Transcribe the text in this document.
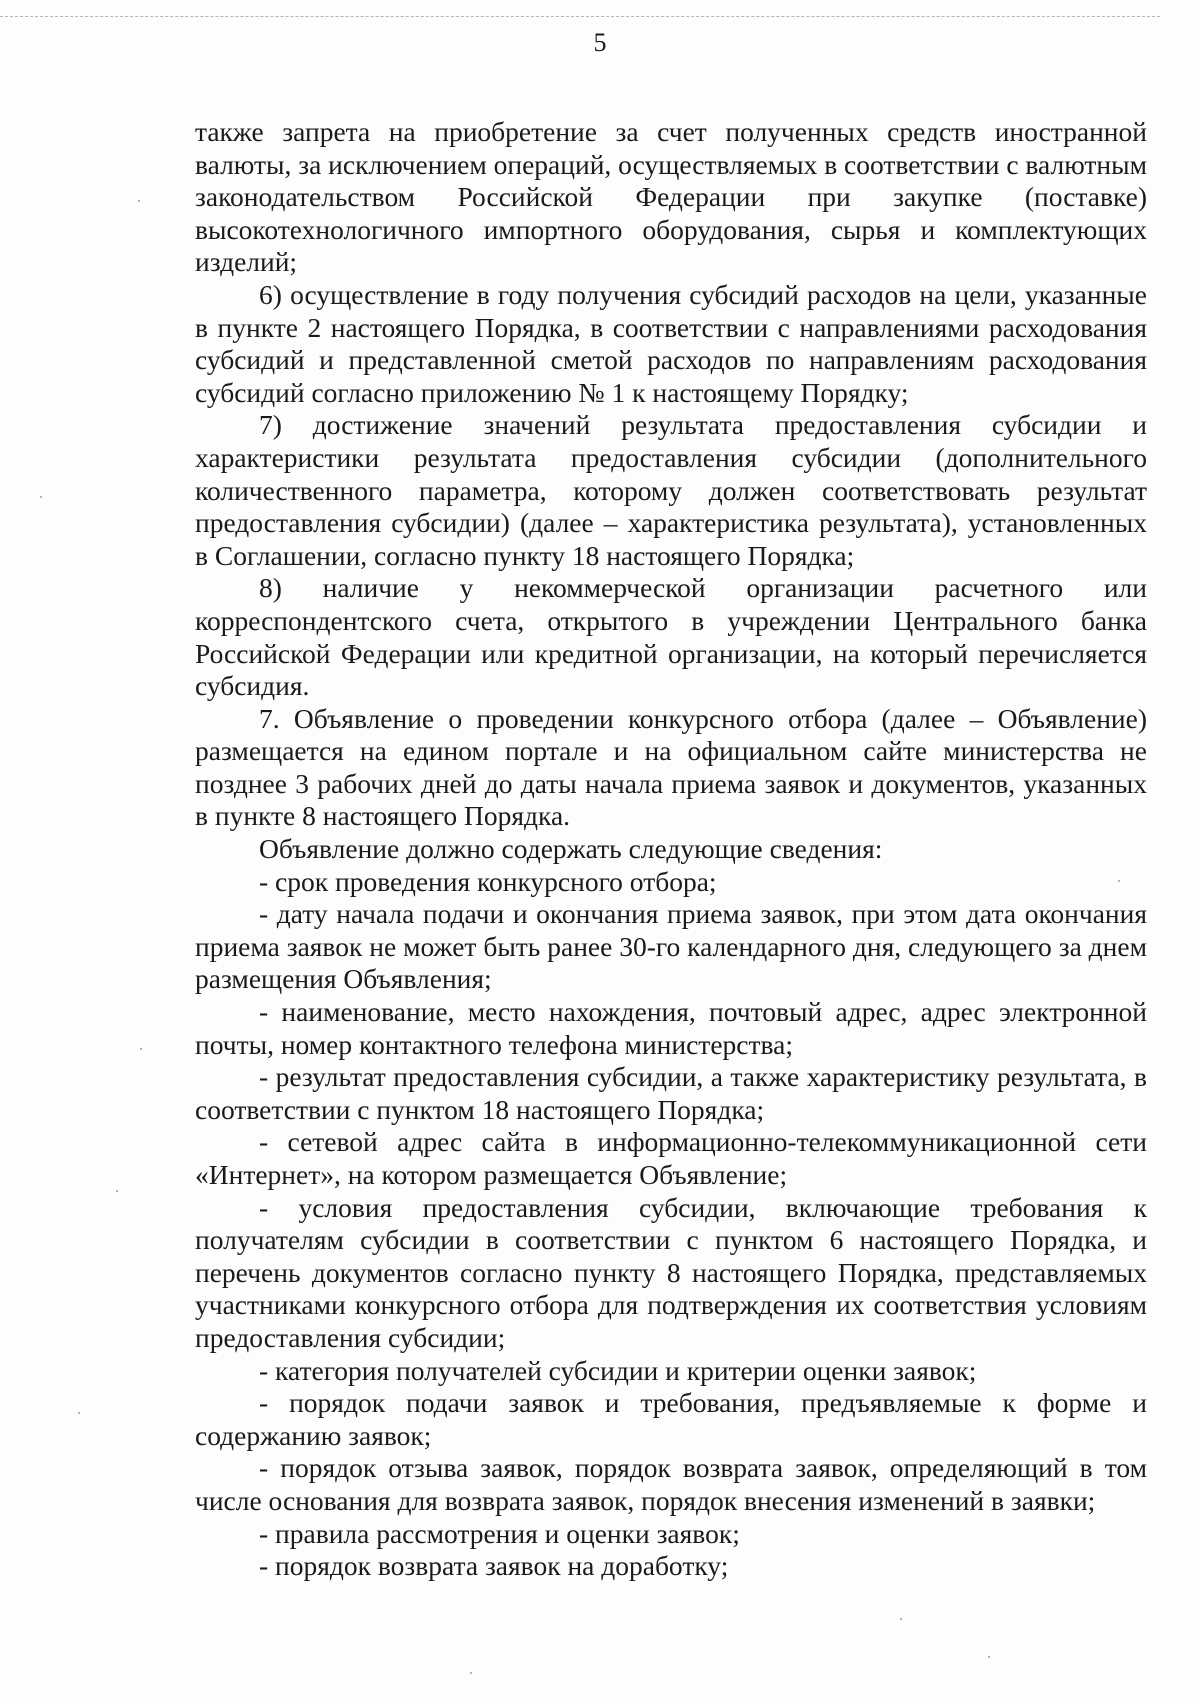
5

также запрета на приобретение за счет полученных средств иностранной валюты, за исключением операций, осуществляемых в соответствии с валютным законодательством Российской Федерации при закупке (поставке) высокотехнологичного импортного оборудования, сырья и комплектующих изделий;

6) осуществление в году получения субсидий расходов на цели, указанные в пункте 2 настоящего Порядка, в соответствии с направлениями расходования субсидий и представленной сметой расходов по направлениям расходования субсидий согласно приложению № 1 к настоящему Порядку;

7) достижение значений результата предоставления субсидии и характеристики результата предоставления субсидии (дополнительного количественного параметра, которому должен соответствовать результат предоставления субсидии) (далее – характеристика результата), установленных в Соглашении, согласно пункту 18 настоящего Порядка;

8) наличие у некоммерческой организации расчетного или корреспондентского счета, открытого в учреждении Центрального банка Российской Федерации или кредитной организации, на который перечисляется субсидия.

7. Объявление о проведении конкурсного отбора (далее – Объявление) размещается на едином портале и на официальном сайте министерства не позднее 3 рабочих дней до даты начала приема заявок и документов, указанных в пункте 8 настоящего Порядка.

Объявление должно содержать следующие сведения:

- срок проведения конкурсного отбора;

- дату начала подачи и окончания приема заявок, при этом дата окончания приема заявок не может быть ранее 30-го календарного дня, следующего за днем размещения Объявления;

- наименование, место нахождения, почтовый адрес, адрес электронной почты, номер контактного телефона министерства;

- результат предоставления субсидии, а также характеристику результата, в соответствии с пунктом 18 настоящего Порядка;

- сетевой адрес сайта в информационно-телекоммуникационной сети «Интернет», на котором размещается Объявление;

- условия предоставления субсидии, включающие требования к получателям субсидии в соответствии с пунктом 6 настоящего Порядка, и перечень документов согласно пункту 8 настоящего Порядка, представляемых участниками конкурсного отбора для подтверждения их соответствия условиям предоставления субсидии;

- категория получателей субсидии и критерии оценки заявок;

- порядок подачи заявок и требования, предъявляемые к форме и содержанию заявок;

- порядок отзыва заявок, порядок возврата заявок, определяющий в том числе основания для возврата заявок, порядок внесения изменений в заявки;

- правила рассмотрения и оценки заявок;

- порядок возврата заявок на доработку;
